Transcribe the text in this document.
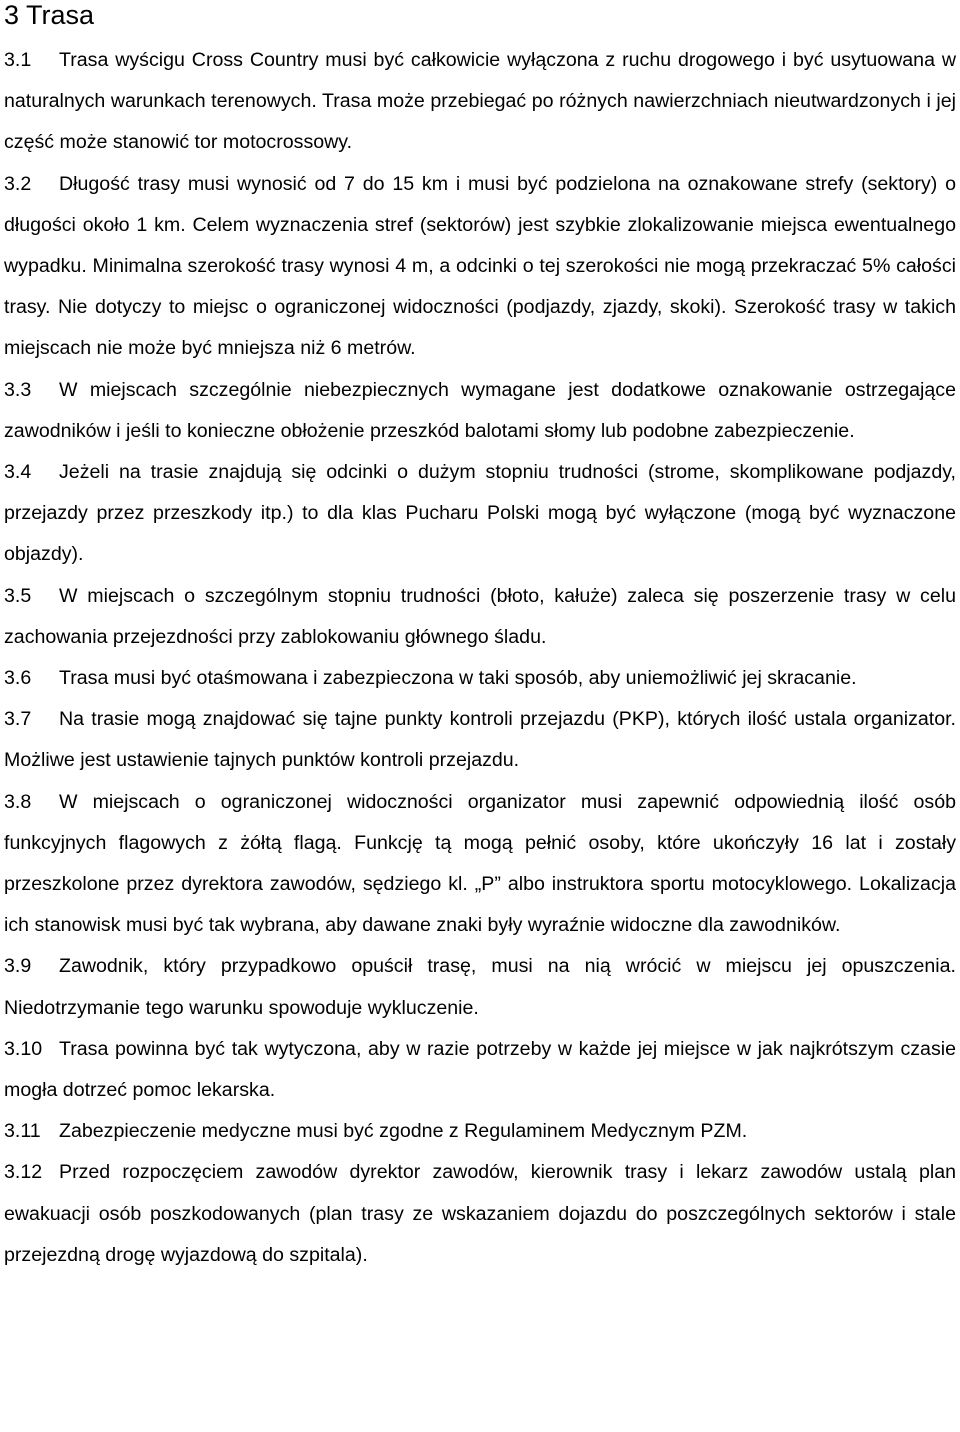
3 Trasa

3.1 Trasa wyścigu Cross Country musi być całkowicie wyłączona z ruchu drogowego i być usytuowana w naturalnych warunkach terenowych. Trasa może przebiegać po różnych nawierzchniach nieutwardzonych i jej część może stanowić tor motocrossowy.

3.2 Długość trasy musi wynosić od 7 do 15 km i musi być podzielona na oznakowane strefy (sektory) o długości około 1 km. Celem wyznaczenia stref (sektorów) jest szybkie zlokalizowanie miejsca ewentualnego wypadku. Minimalna szerokość trasy wynosi 4 m, a odcinki o tej szerokości nie mogą przekraczać 5% całości trasy. Nie dotyczy to miejsc o ograniczonej widoczności (podjazdy, zjazdy, skoki). Szerokość trasy w takich miejscach nie może być mniejsza niż 6 metrów.

3.3 W miejscach szczególnie niebezpiecznych wymagane jest dodatkowe oznakowanie ostrzegające zawodników i jeśli to konieczne obłożenie przeszkód balotami słomy lub podobne zabezpieczenie.

3.4 Jeżeli na trasie znajdują się odcinki o dużym stopniu trudności (strome, skomplikowane podjazdy, przejazdy przez przeszkody itp.) to dla klas Pucharu Polski mogą być wyłączone (mogą być wyznaczone objazdy).

3.5 W miejscach o szczególnym stopniu trudności (błoto, kałuże) zaleca się poszerzenie trasy w celu zachowania przejezdności przy zablokowaniu głównego śladu.

3.6 Trasa musi być otaśmowana i zabezpieczona w taki sposób, aby uniemożliwić jej skracanie.

3.7 Na trasie mogą znajdować się tajne punkty kontroli przejazdu (PKP), których ilość ustala organizator. Możliwe jest ustawienie tajnych punktów kontroli przejazdu.

3.8 W miejscach o ograniczonej widoczności organizator musi zapewnić odpowiednią ilość osób funkcyjnych flagowych z żółtą flagą. Funkcję tą mogą pełnić osoby, które ukończyły 16 lat i zostały przeszkolone przez dyrektora zawodów, sędziego kl. „P” albo instruktora sportu motocyklowego. Lokalizacja ich stanowisk musi być tak wybrana, aby dawane znaki były wyraźnie widoczne dla zawodników.

3.9 Zawodnik, który przypadkowo opuścił trasę, musi na nią wrócić w miejscu jej opuszczenia. Niedotrzymanie tego warunku spowoduje wykluczenie.

3.10 Trasa powinna być tak wytyczona, aby w razie potrzeby w każde jej miejsce w jak najkrótszym czasie mogła dotrzeć pomoc lekarska.

3.11 Zabezpieczenie medyczne musi być zgodne z Regulaminem Medycznym PZM.

3.12 Przed rozpoczęciem zawodów dyrektor zawodów, kierownik trasy i lekarz zawodów ustalą plan ewakuacji osób poszkodowanych (plan trasy ze wskazaniem dojazdu do poszczególnych sektorów i stale przejezdną drogę wyjazdową do szpitala).
